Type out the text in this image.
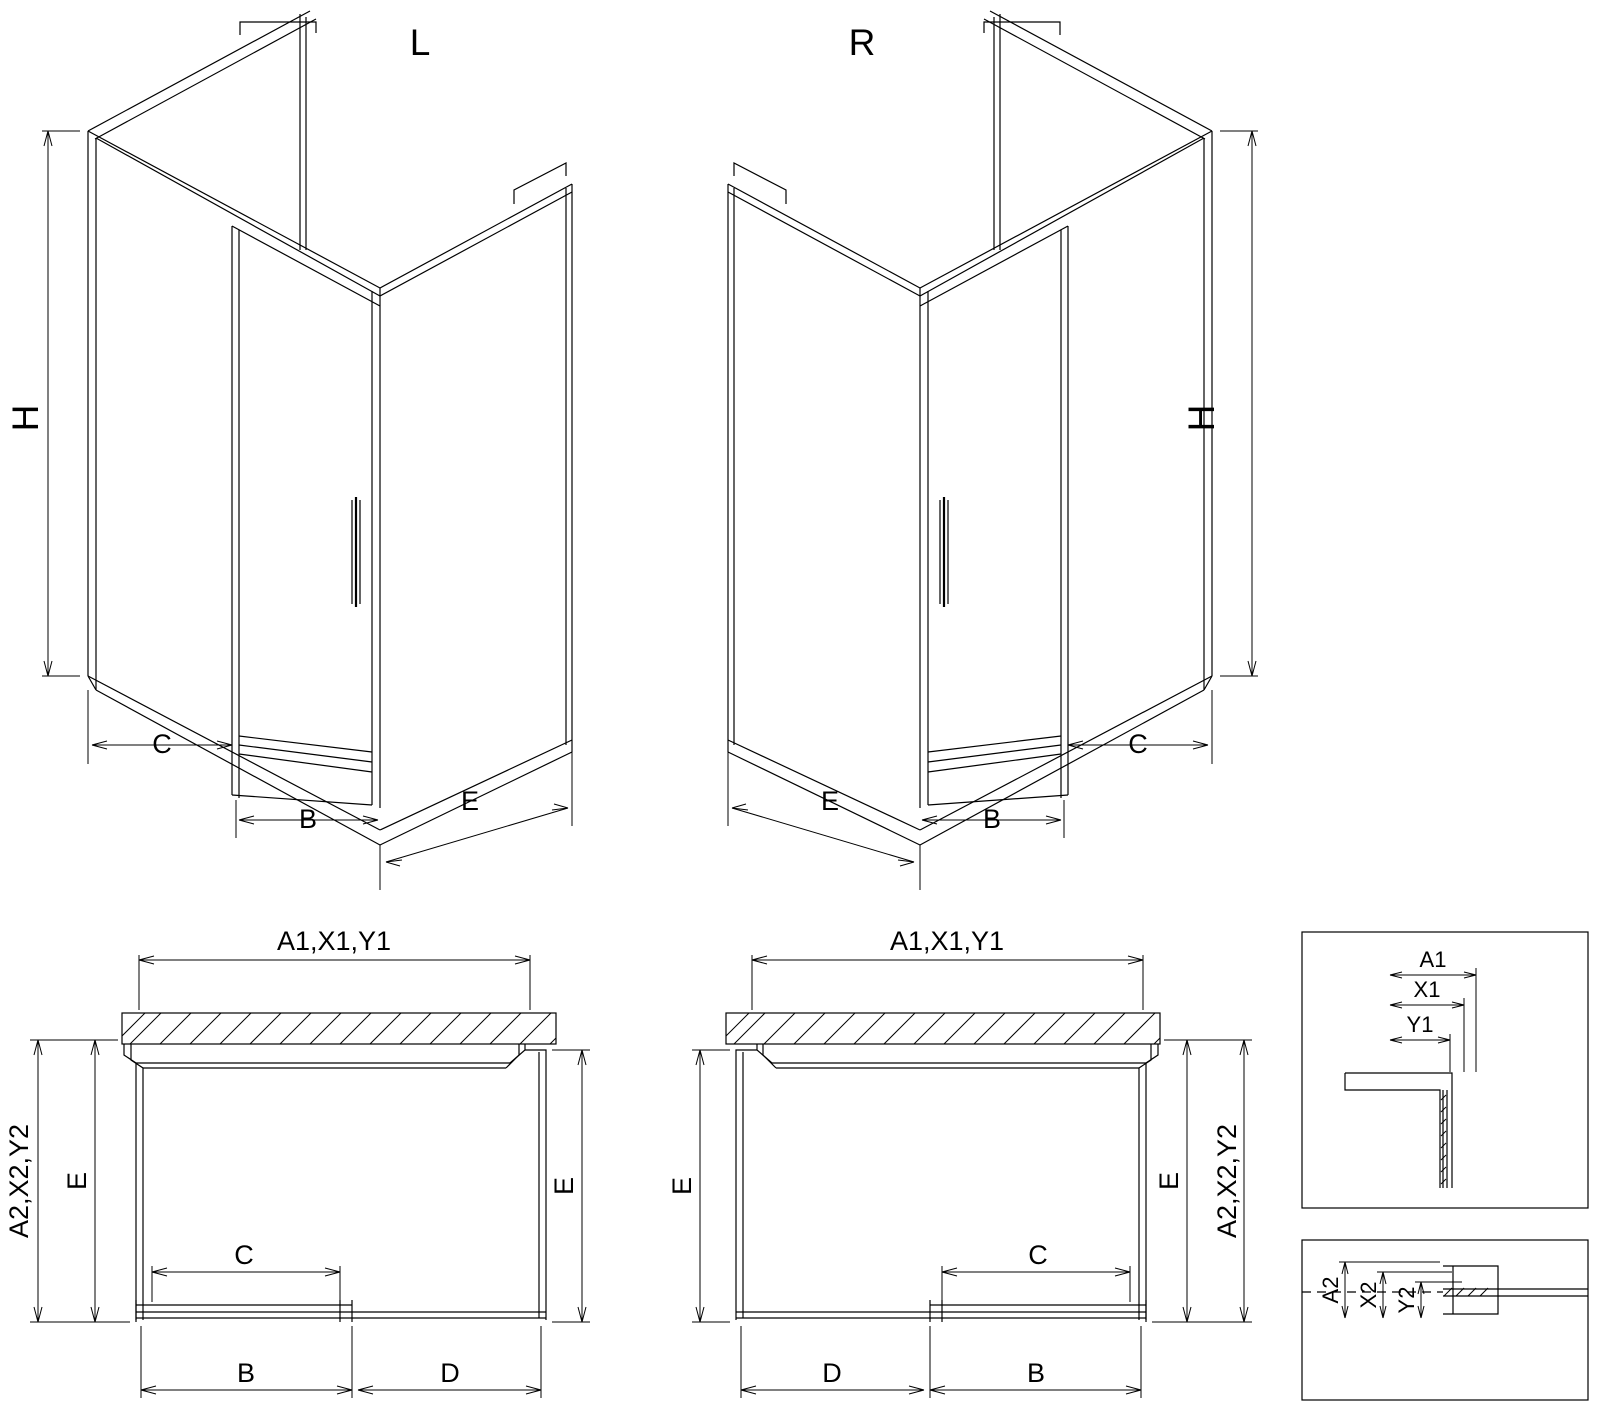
H
C
B
E
L
H
C
B
E
R
A1,X1,Y1
A2,X2,Y2 E	E
C
B	D
A1,X1,Y1
A2,X2,Y2
E
E
C
B
D
A1
X1
Y1
A2 X2 Y2
